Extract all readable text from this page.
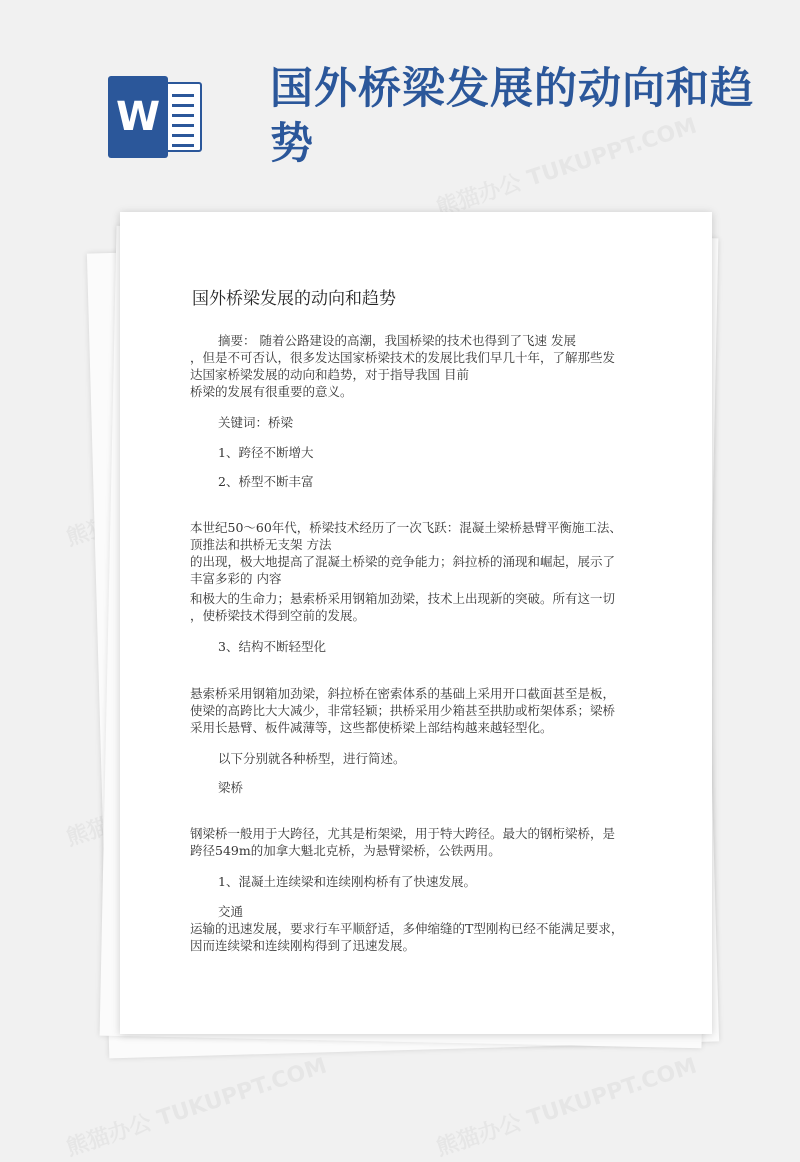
W
国外桥梁发展的动向和趋势
国外桥梁发展的动向和趋势
摘要： 随着公路建设的高潮，我国桥梁的技术也得到了飞速 发展
，但是不可否认，很多发达国家桥梁技术的发展比我们早几十年，了解那些发
达国家桥梁发展的动向和趋势，对于指导我国 目前
桥梁的发展有很重要的意义。
关键词：桥梁
1、跨径不断增大
2、桥型不断丰富
本世纪50～60年代，桥梁技术经历了一次飞跃：混凝土梁桥悬臂平衡施工法、
顶推法和拱桥无支架 方法
的出现，极大地提高了混凝土桥梁的竞争能力；斜拉桥的涌现和崛起，展示了
丰富多彩的 内容
和极大的生命力；悬索桥采用钢箱加劲梁，技术上出现新的突破。所有这一切
，使桥梁技术得到空前的发展。
3、结构不断轻型化
悬索桥采用钢箱加劲梁，斜拉桥在密索体系的基础上采用开口截面甚至是板，
使梁的高跨比大大减少，非常轻颖；拱桥采用少箱甚至拱肋或桁架体系；梁桥
采用长悬臂、板件减薄等，这些都使桥梁上部结构越来越轻型化。
以下分别就各种桥型，进行简述。
梁桥
钢梁桥一般用于大跨径，尤其是桁架梁，用于特大跨径。最大的钢桁梁桥，是
跨径549m的加拿大魁北克桥，为悬臂梁桥，公铁两用。
1、混凝土连续梁和连续刚构桥有了快速发展。
交通
运输的迅速发展，要求行车平顺舒适，多伸缩缝的T型刚构已经不能满足要求，
因而连续梁和连续刚构得到了迅速发展。
